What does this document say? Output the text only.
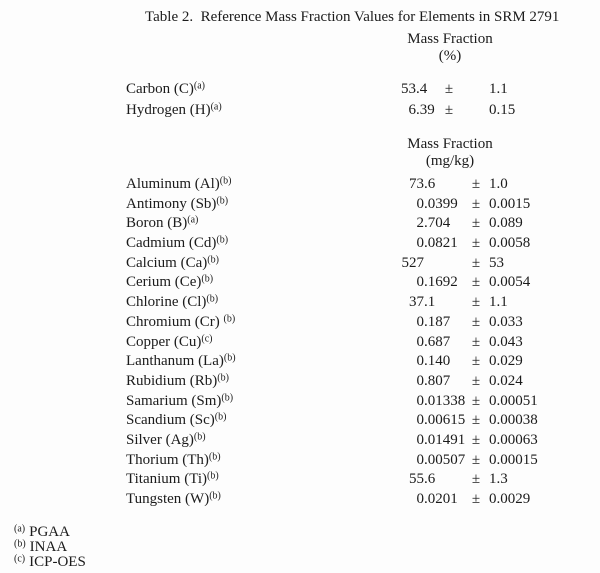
Table 2.  Reference Mass Fraction Values for Elements in SRM 2791
Mass Fraction
(%)
Carbon $(C)^{(a)}$	53 .4	± 1.1
Hydrogen $(H)^{(a)}$	6 .39 ± 0.15
Mass Fraction
(mg/kg)
Aluminum $(Al)^{(b)}$	73 .6	± 1.0
Antimony $(Sb)^{(b)}$	0 .0399 ± 0.0015
Boron $(B)^{(a)}$	2 .704	± 0.089
Cadmium $(Cd)^{(b)}$	0 .0821 ± 0.0058
Calcium $(Ca)^{(b)}$	527	± 53
Cerium $(Ce)^{(b)}$	0 .1692 ± 0.0054
Chlorine $(Cl)^{(b)}$	37 .1	± 1.1
Chromium (Cr) $^{(b)}$	0 .187	± 0.033
Copper $(Cu)^{(c)}$	0 .687	± 0.043
Lanthanum $(La)^{(b)}$	0 .140	± 0.029
Rubidium $(Rb)^{(b)}$	0 .807	± 0.024
Samarium $(Sm)^{(b)}$	0 .01338 ± 0.00051
Scandium $(Sc)^{(b)}$	0 .00615 ± 0.00038
Silver $(Ag)^{(b)}$	0 .01491 ± 0.00063
Thorium $(Th)^{(b)}$	0 .00507 ± 0.00015
Titanium $(Ti)^{(b)}$	55 .6	± 1.3
Tungsten $(W)^{(b)}$	0 .0201 ± 0.0029
$^{(a)}$ PGAA
$^{(b)}$ INAA
$^{(c)}$ ICP-OES
